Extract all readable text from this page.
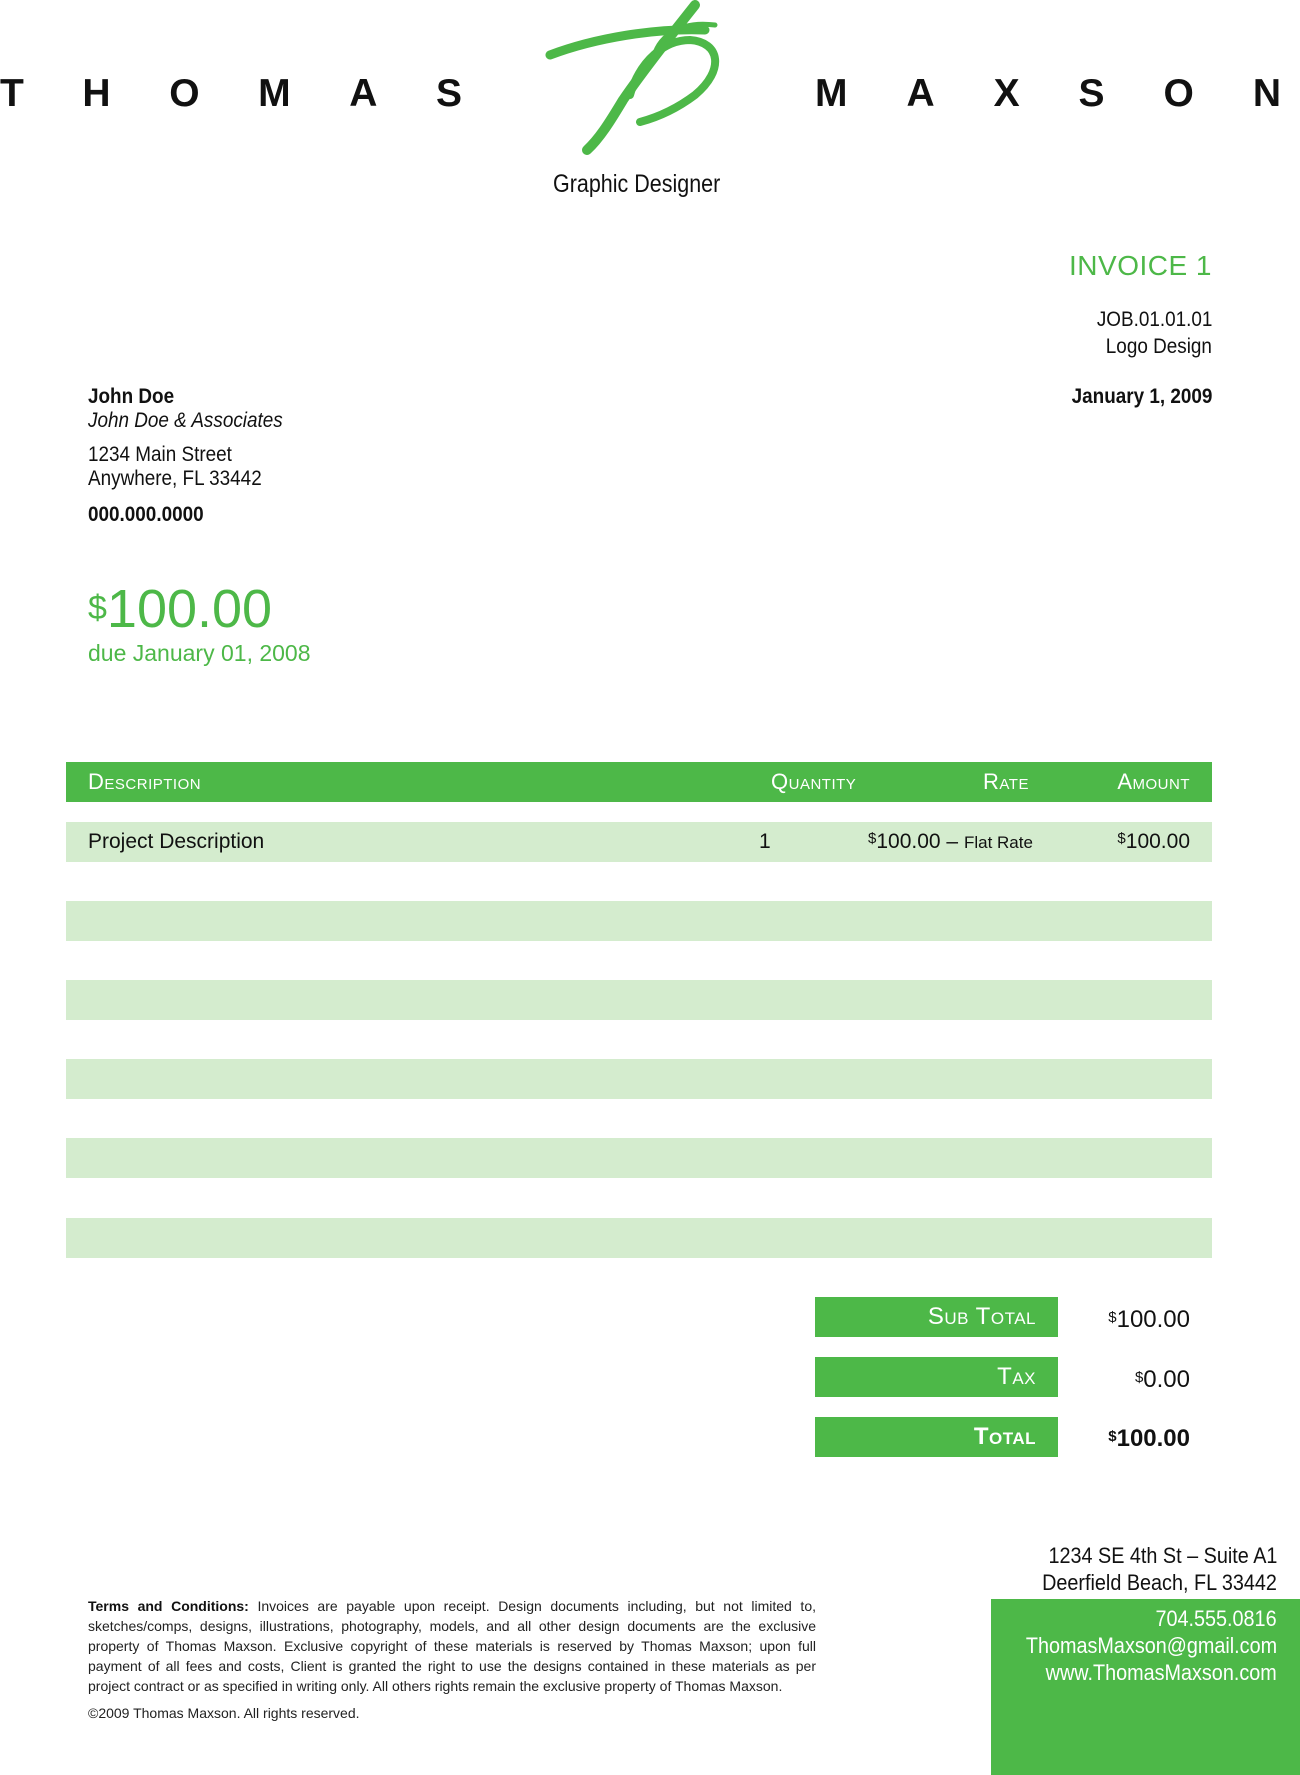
T H O M A S	M A X S O N
Graphic Designer
INVOICE 1
JOB.01.01.01
Logo Design
January 1, 2009
John Doe
John Doe & Associates
1234 Main Street
Anywhere, FL 33442
000.000.0000
$100.00
due January 01, 2008
Description	Quantity	Rate	Amount
Project Description	1	$100.00 – Flat Rate	$100.00
Sub Total	$100.00
Tax	$0.00
Total	$100.00
Terms and Conditions: Invoices are payable upon receipt. Design documents including, but not limited to, sketches/comps, designs, illustrations, photography, models, and all other design documents are the exclusive property of Thomas Maxson. Exclusive copyright of these materials is reserved by Thomas Maxson; upon full payment of all fees and costs, Client is granted the right to use the designs contained in these materials as per project contract or as specified in writing only. All others rights remain the exclusive property of Thomas Maxson.
©2009 Thomas Maxson. All rights reserved.
1234 SE 4th St – Suite A1
Deerfield Beach, FL 33442
704.555.0816
ThomasMaxson@gmail.com
www.ThomasMaxson.com
